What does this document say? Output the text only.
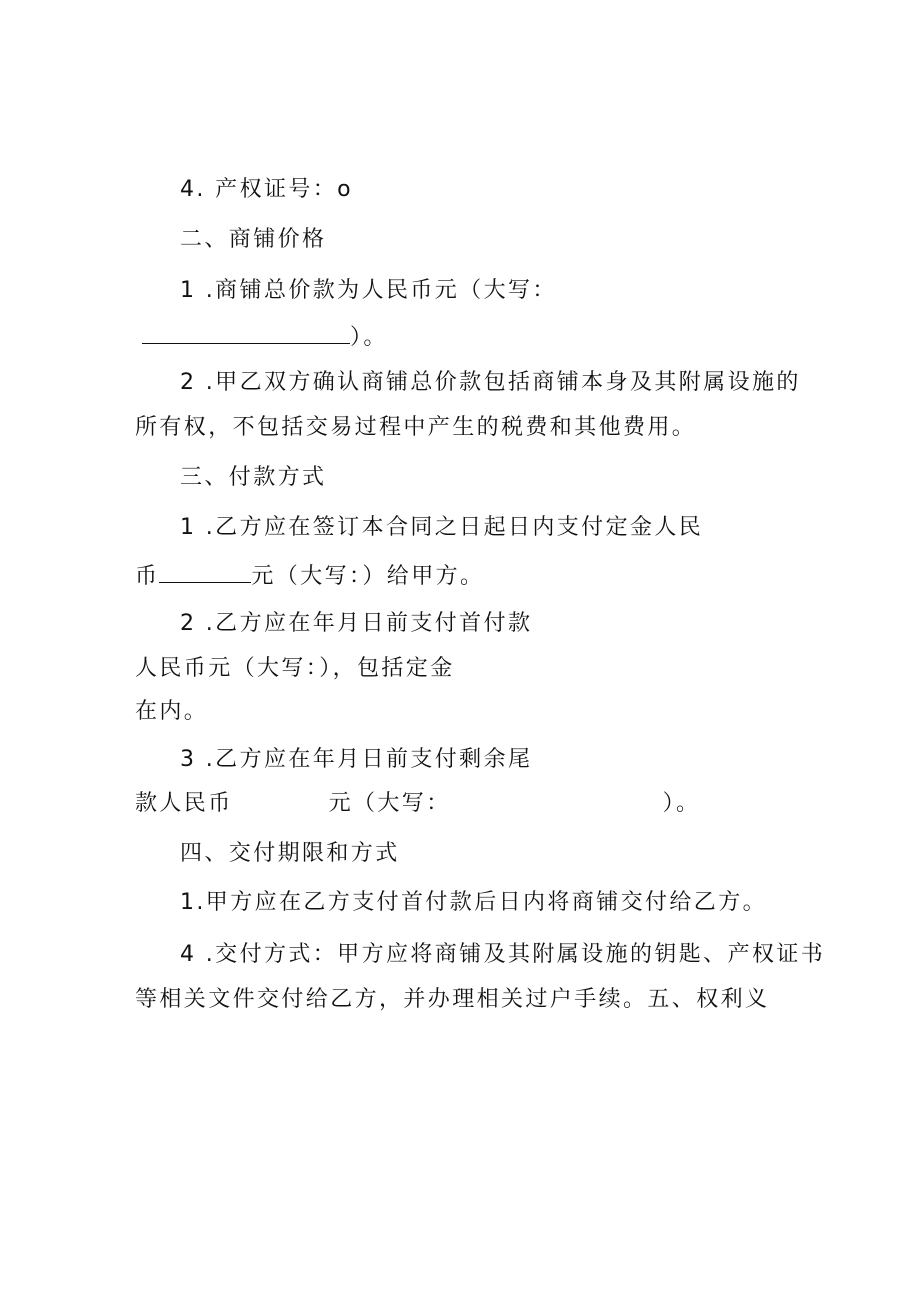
4. 产权证号：o
二、商铺价格
1 .商铺总价款为人民币元（大写：
）。
2 .甲乙双方确认商铺总价款包括商铺本身及其附属设施的
所有权，不包括交易过程中产生的税费和其他费用。
三、付款方式
1 .乙方应在签订本合同之日起日内支付定金人民
币	元（大写：）给甲方。
2 .乙方应在年月日前支付首付款
人民币元（大写：），包括定金
在内。
3 .乙方应在年月日前支付剩余尾
款人民币	元（大写：	）。
四、交付期限和方式
1.甲方应在乙方支付首付款后日内将商铺交付给乙方。
4 .交付方式：甲方应将商铺及其附属设施的钥匙、产权证书
等相关文件交付给乙方，并办理相关过户手续。五、权利义
